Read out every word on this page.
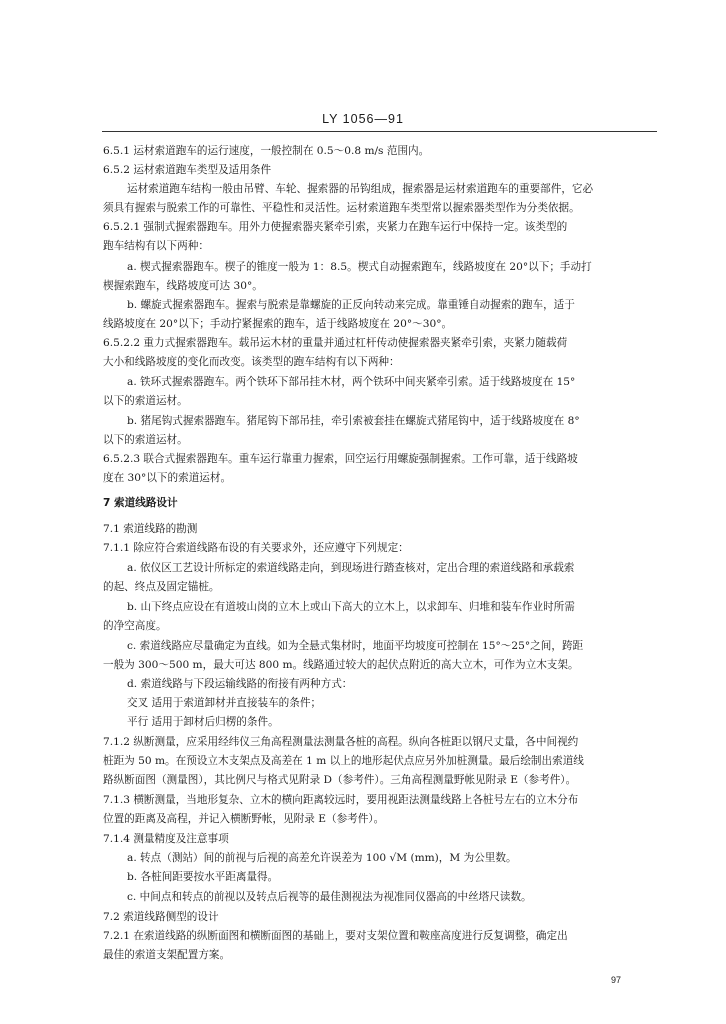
LY 1056—91
6.5.1 运材索道跑车的运行速度，一般控制在 0.5～0.8 m/s 范围内。
6.5.2 运材索道跑车类型及适用条件
运材索道跑车结构一般由吊臂、车轮、握索器的吊钩组成，握索器是运材索道跑车的重要部件，它必
须具有握索与脱索工作的可靠性、平稳性和灵活性。运材索道跑车类型常以握索器类型作为分类依据。
6.5.2.1 强制式握索器跑车。用外力使握索器夹紧牵引索，夹紧力在跑车运行中保持一定。该类型的
跑车结构有以下两种：
a. 楔式握索器跑车。楔子的锥度一般为 1：8.5。楔式自动握索跑车，线路坡度在 20°以下；手动打
楔握索跑车，线路坡度可达 30°。
b. 螺旋式握索器跑车。握索与脱索是靠螺旋的正反向转动来完成。靠重锤自动握索的跑车，适于
线路坡度在 20°以下；手动拧紧握索的跑车，适于线路坡度在 20°～30°。
6.5.2.2 重力式握索器跑车。载吊运木材的重量并通过杠杆传动使握索器夹紧牵引索，夹紧力随载荷
大小和线路坡度的变化而改变。该类型的跑车结构有以下两种：
a. 铁环式握索器跑车。两个铁环下部吊挂木材，两个铁环中间夹紧牵引索。适于线路坡度在 15°
以下的索道运材。
b. 猪尾钩式握索器跑车。猪尾钩下部吊挂，牵引索被套挂在螺旋式猪尾钩中，适于线路坡度在 8°
以下的索道运材。
6.5.2.3 联合式握索器跑车。重车运行靠重力握索，回空运行用螺旋强制握索。工作可靠，适于线路坡
度在 30°以下的索道运材。
7 索道线路设计
7.1 索道线路的勘测
7.1.1 除应符合索道线路布设的有关要求外，还应遵守下列规定：
a. 依仪区工艺设计所标定的索道线路走向，到现场进行踏查核对，定出合理的索道线路和承载索
的起、终点及固定锚桩。
b. 山下终点应设在有道坡山岗的立木上或山下高大的立木上，以求卸车、归堆和装车作业时所需
的净空高度。
c. 索道线路应尽量确定为直线。如为全悬式集材时，地面平均坡度可控制在 15°～25°之间，跨距
一般为 300～500 m，最大可达 800 m。线路通过较大的起伏点附近的高大立木，可作为立木支架。
d. 索道线路与下段运输线路的衔接有两种方式：
交叉 适用于索道卸材并直接装车的条件；
平行 适用于卸材后归楞的条件。
7.1.2 纵断测量，应采用经纬仪三角高程测量法测量各桩的高程。纵向各桩距以钢尺丈量，各中间视约
桩距为 50 m。在预设立木支架点及高差在 1 m 以上的地形起伏点应另外加桩测量。最后绘制出索道线
路纵断面图（测量图），其比例尺与格式见附录 D（参考件）。三角高程测量野帐见附录 E（参考件）。
7.1.3 横断测量，当地形复杂、立木的横向距离较远时，要用视距法测量线路上各桩号左右的立木分布
位置的距离及高程，并记入横断野帐，见附录 E（参考件）。
7.1.4 测量精度及注意事项
a. 转点（测站）间的前视与后视的高差允许误差为 100 √M (mm)，M 为公里数。
b. 各桩间距要按水平距离量得。
c. 中间点和转点的前视以及转点后视等的最佳测视法为视准同仪器高的中丝塔尺读数。
7.2 索道线路侧型的设计
7.2.1 在索道线路的纵断面图和横断面图的基础上，要对支架位置和鞍座高度进行反复调整，确定出
最佳的索道支架配置方案。
97
